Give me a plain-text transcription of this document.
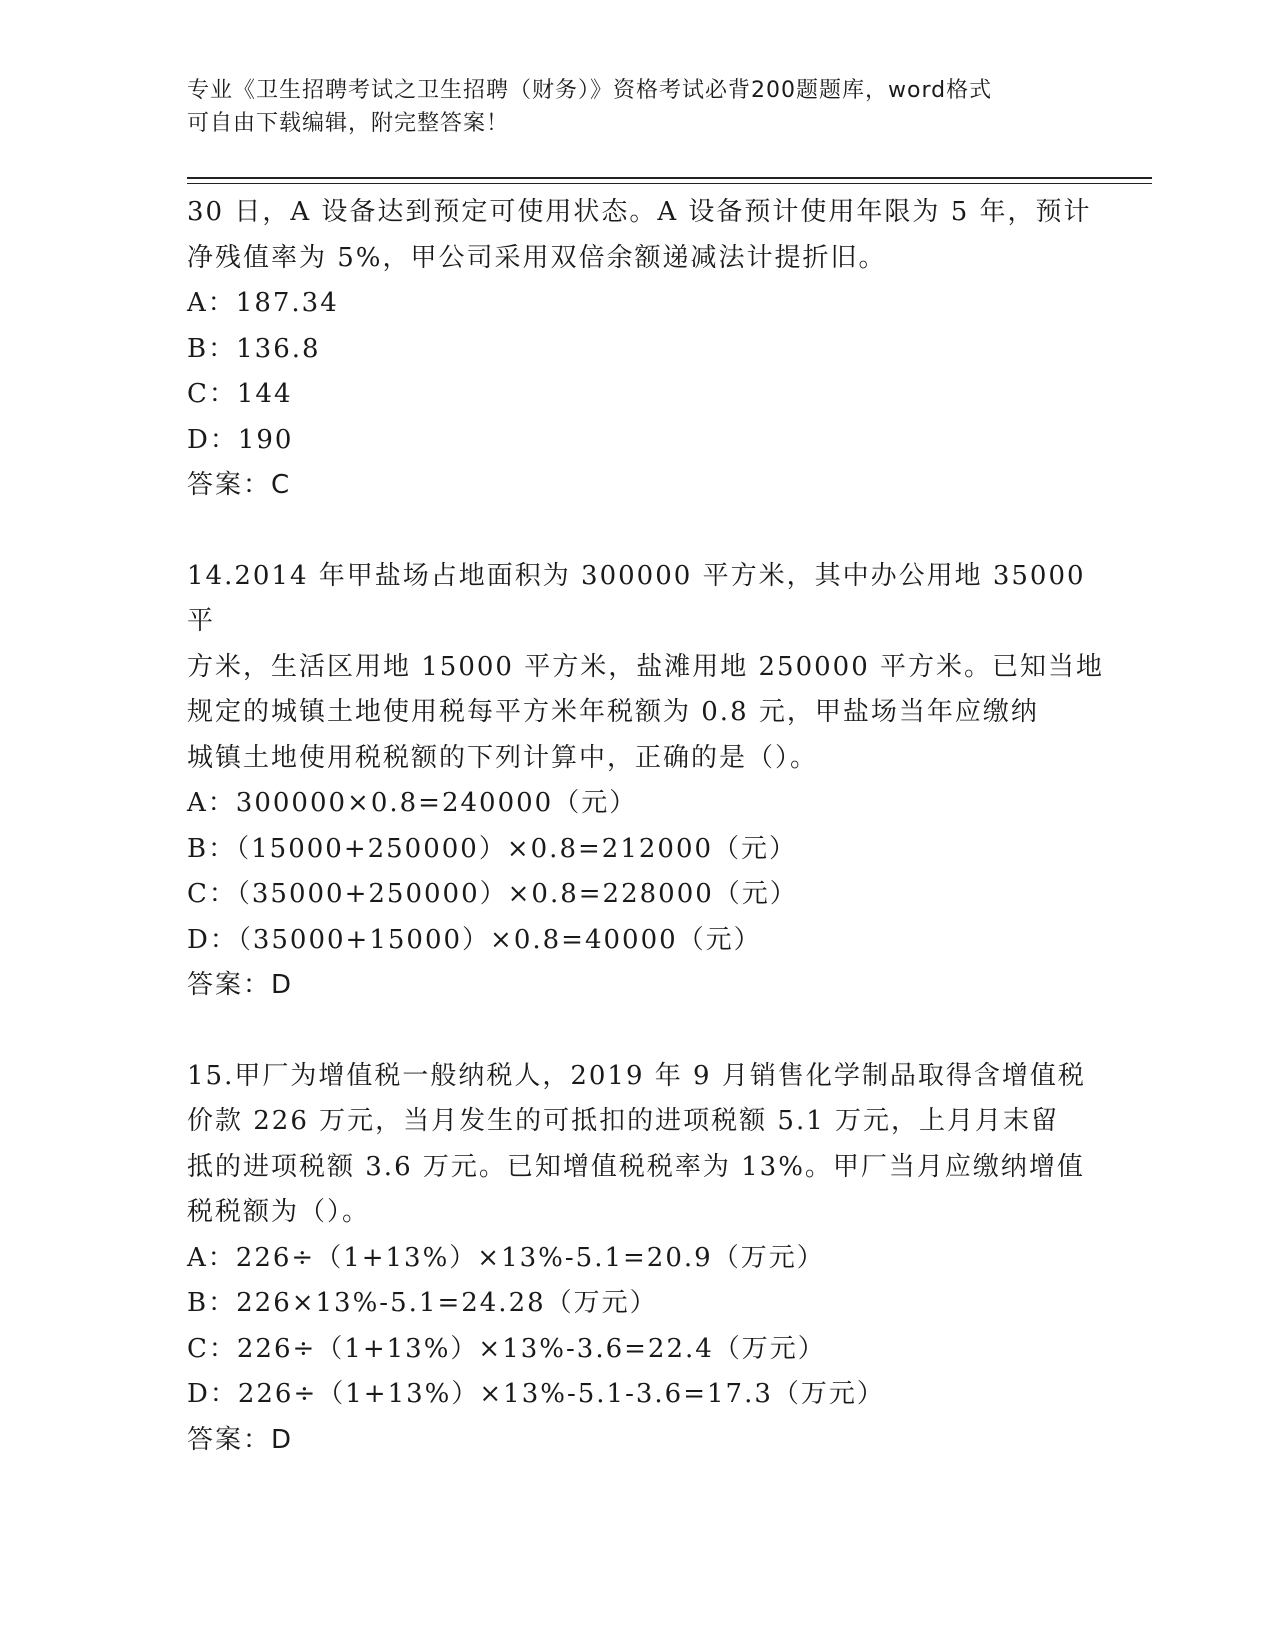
专业《卫生招聘考试之卫生招聘（财务）》资格考试必背200题题库，word格式
可自由下载编辑，附完整答案！

30 日，A 设备达到预定可使用状态。A 设备预计使用年限为 5 年，预计

净残值率为 5%，甲公司采用双倍余额递减法计提折旧。

A：187.34

B：136.8

C：144

D：190

答案：C

14.2014 年甲盐场占地面积为 300000 平方米，其中办公用地 35000 平

方米，生活区用地 15000 平方米，盐滩用地 250000 平方米。已知当地

规定的城镇土地使用税每平方米年税额为 0.8 元，甲盐场当年应缴纳

城镇土地使用税税额的下列计算中，正确的是（）。

A：300000×0.8=240000（元）

B：（15000+250000）×0.8=212000（元）

C：（35000+250000）×0.8=228000（元）

D：（35000+15000）×0.8=40000（元）

答案：D

15.甲厂为增值税一般纳税人，2019 年 9 月销售化学制品取得含增值税

价款 226 万元，当月发生的可抵扣的进项税额 5.1 万元，上月月末留

抵的进项税额 3.6 万元。已知增值税税率为 13%。甲厂当月应缴纳增值

税税额为（）。

A：226÷（1+13%）×13%-5.1=20.9（万元）

B：226×13%-5.1=24.28（万元）

C：226÷（1+13%）×13%-3.6=22.4（万元）

D：226÷（1+13%）×13%-5.1-3.6=17.3（万元）

答案：D
